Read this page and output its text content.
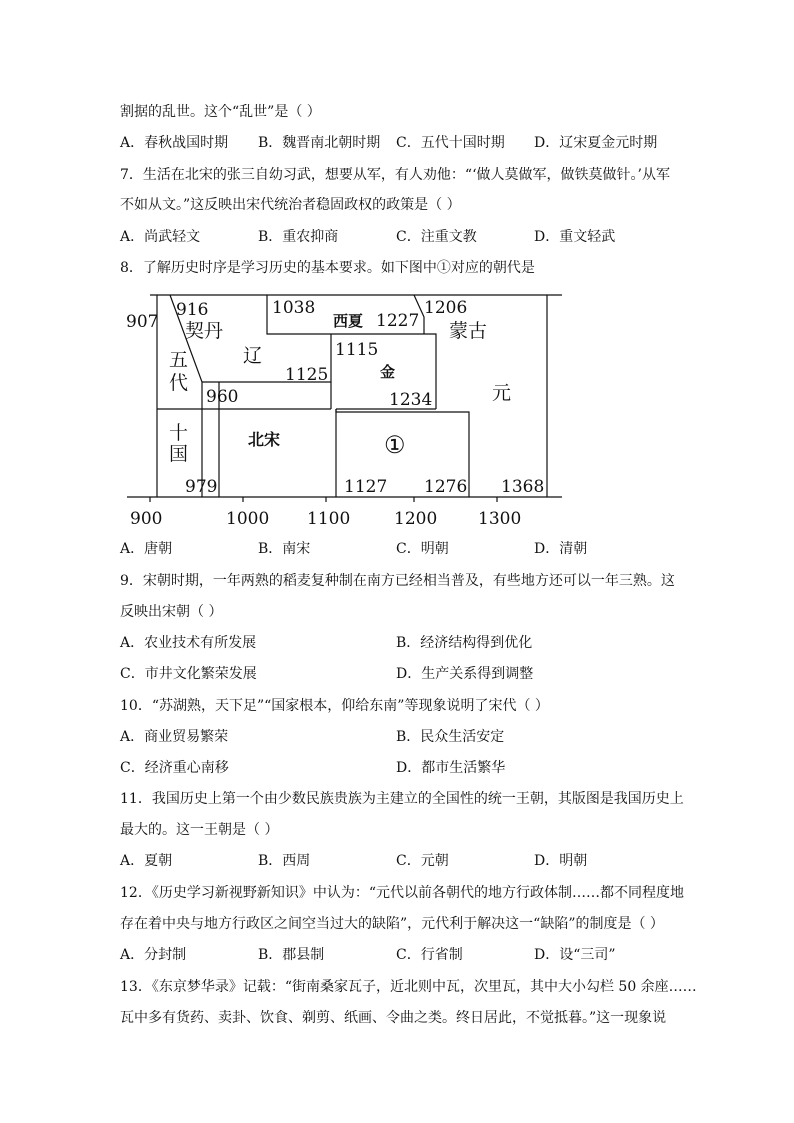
割据的乱世。这个“乱世”是（ ）
A．春秋战国时期 B．魏晋南北朝时期 C．五代十国时期 D．辽宋夏金元时期
7．生活在北宋的张三自幼习武，想要从军，有人劝他：“‘做人莫做军，做铁莫做针。’从军
不如从文。”这反映出宋代统治者稳固政权的政策是（ ）
A．尚武轻文	B．重农抑商	C．注重文教	D．重文轻武
8．了解历史时序是学习历史的基本要求。如下图中①对应的朝代是
契丹
辽
西夏
金
蒙古
元
五
代
十
国
北宋	①
907
916	1038
1227
1206
1115
1125
960	1234
979	1127 1276 1368
900	1000 1100	1200 1300
A．唐朝	B．南宋	C．明朝	D．清朝
9．宋朝时期，一年两熟的稻麦复种制在南方已经相当普及，有些地方还可以一年三熟。这
反映出宋朝（ ）
A．农业技术有所发展	B．经济结构得到优化
C．市井文化繁荣发展	D．生产关系得到调整
10．“苏湖熟，天下足”“国家根本，仰给东南”等现象说明了宋代（ ）
A．商业贸易繁荣	B．民众生活安定
C．经济重心南移	D．都市生活繁华
11．我国历史上第一个由少数民族贵族为主建立的全国性的统一王朝，其版图是我国历史上
最大的。这一王朝是（ ）
A．夏朝	B．西周	C．元朝	D．明朝
12．《历史学习新视野新知识》中认为：“元代以前各朝代的地方行政体制……都不同程度地
存在着中央与地方行政区之间空当过大的缺陷”，元代利于解决这一“缺陷”的制度是（ ）
A．分封制	B．郡县制	C．行省制	D．设“三司”
13．《东京梦华录》记载：“街南桑家瓦子，近北则中瓦，次里瓦，其中大小勾栏 50 余座……
瓦中多有货药、卖卦、饮食、剃剪、纸画、令曲之类。终日居此，不觉抵暮。”这一现象说
